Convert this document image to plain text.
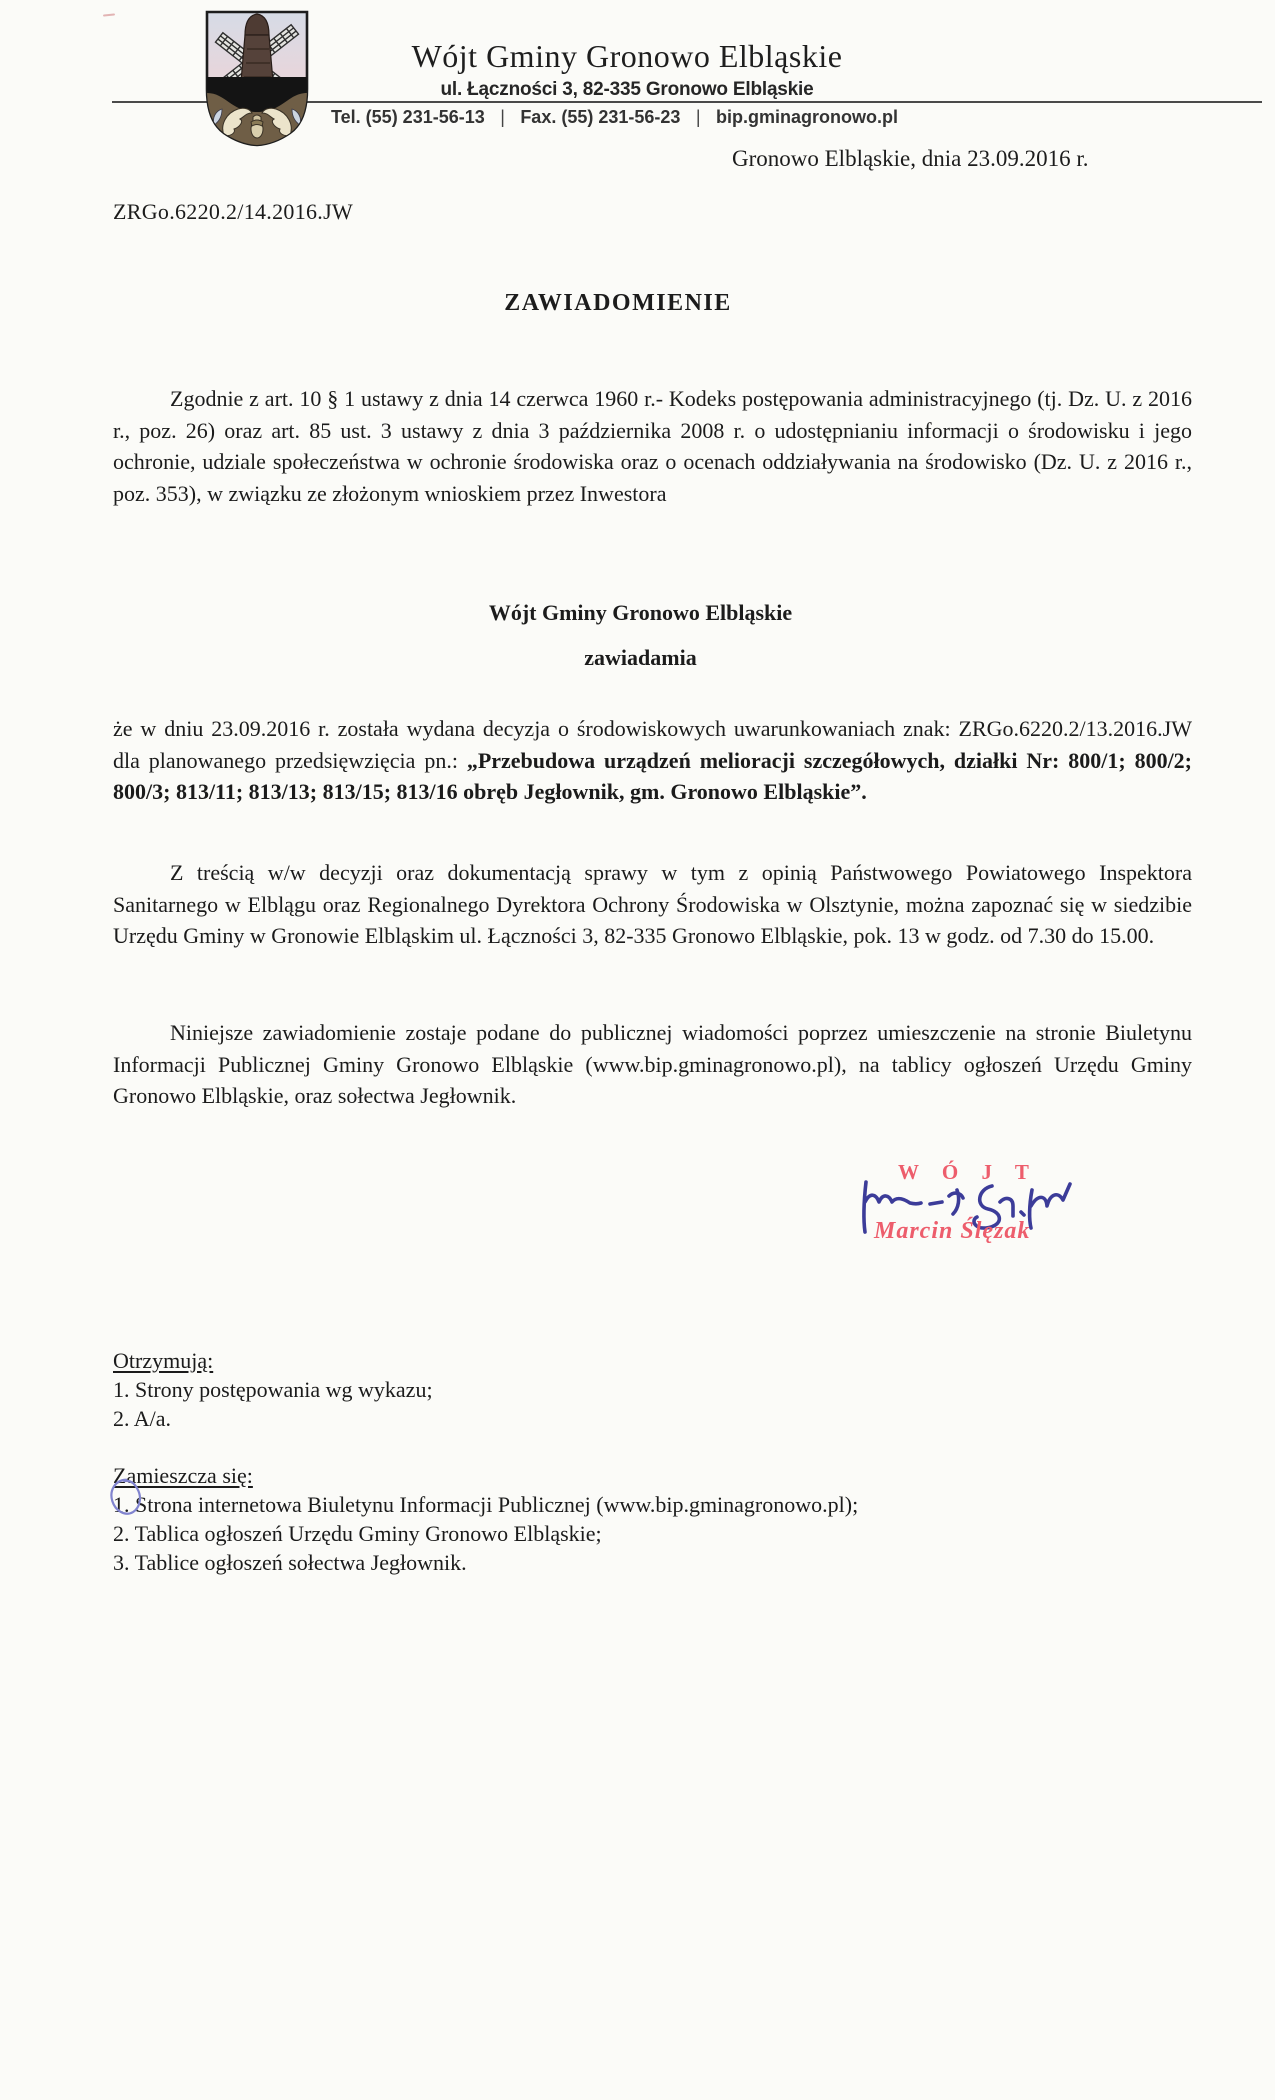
Wójt Gminy Gronowo Elbląskie
ul. Łączności 3, 82-335 Gronowo Elbląskie
Tel. (55) 231-56-13 | Fax. (55) 231-56-23 | bip.gminagronowo.pl
Gronowo Elbląskie, dnia 23.09.2016 r.
ZRGo.6220.2/14.2016.JW
ZAWIADOMIENIE

Zgodnie z art. 10 § 1 ustawy z dnia 14 czerwca 1960 r.- Kodeks postępowania administracyjnego (tj. Dz. U. z 2016 r., poz. 26) oraz art. 85 ust. 3 ustawy z dnia 3 października 2008 r. o udostępnianiu informacji o środowisku i jego ochronie, udziale społeczeństwa w ochronie środowiska oraz o ocenach oddziaływania na środowisko (Dz. U. z 2016 r., poz. 353), w związku ze złożonym wnioskiem przez Inwestora

Wójt Gminy Gronowo Elbląskie
zawiadamia

że w dniu 23.09.2016 r. została wydana decyzja o środowiskowych uwarunkowaniach znak: ZRGo.6220.2/13.2016.JW dla planowanego przedsięwzięcia pn.: „Przebudowa urządzeń melioracji szczegółowych, działki Nr: 800/1; 800/2; 800/3; 813/11; 813/13; 813/15; 813/16 obręb Jegłownik, gm. Gronowo Elbląskie”.

Z treścią w/w decyzji oraz dokumentacją sprawy w tym z opinią Państwowego Powiatowego Inspektora Sanitarnego w Elblągu oraz Regionalnego Dyrektora Ochrony Środowiska w Olsztynie, można zapoznać się w siedzibie Urzędu Gminy w Gronowie Elbląskim ul. Łączności 3, 82-335 Gronowo Elbląskie, pok. 13 w godz. od 7.30 do 15.00.

Niniejsze zawiadomienie zostaje podane do publicznej wiadomości poprzez umieszczenie na stronie Biuletynu Informacji Publicznej Gminy Gronowo Elbląskie (www.bip.gminagronowo.pl), na tablicy ogłoszeń Urzędu Gminy Gronowo Elbląskie, oraz sołectwa Jegłownik.

W Ó J T
Marcin Ślęzak
Otrzymują:
1. Strony postępowania wg wykazu;
2. A/a.
Zamieszcza się:
1. Strona internetowa Biuletynu Informacji Publicznej (www.bip.gminagronowo.pl);
2. Tablica ogłoszeń Urzędu Gminy Gronowo Elbląskie;
3. Tablice ogłoszeń sołectwa Jegłownik.
